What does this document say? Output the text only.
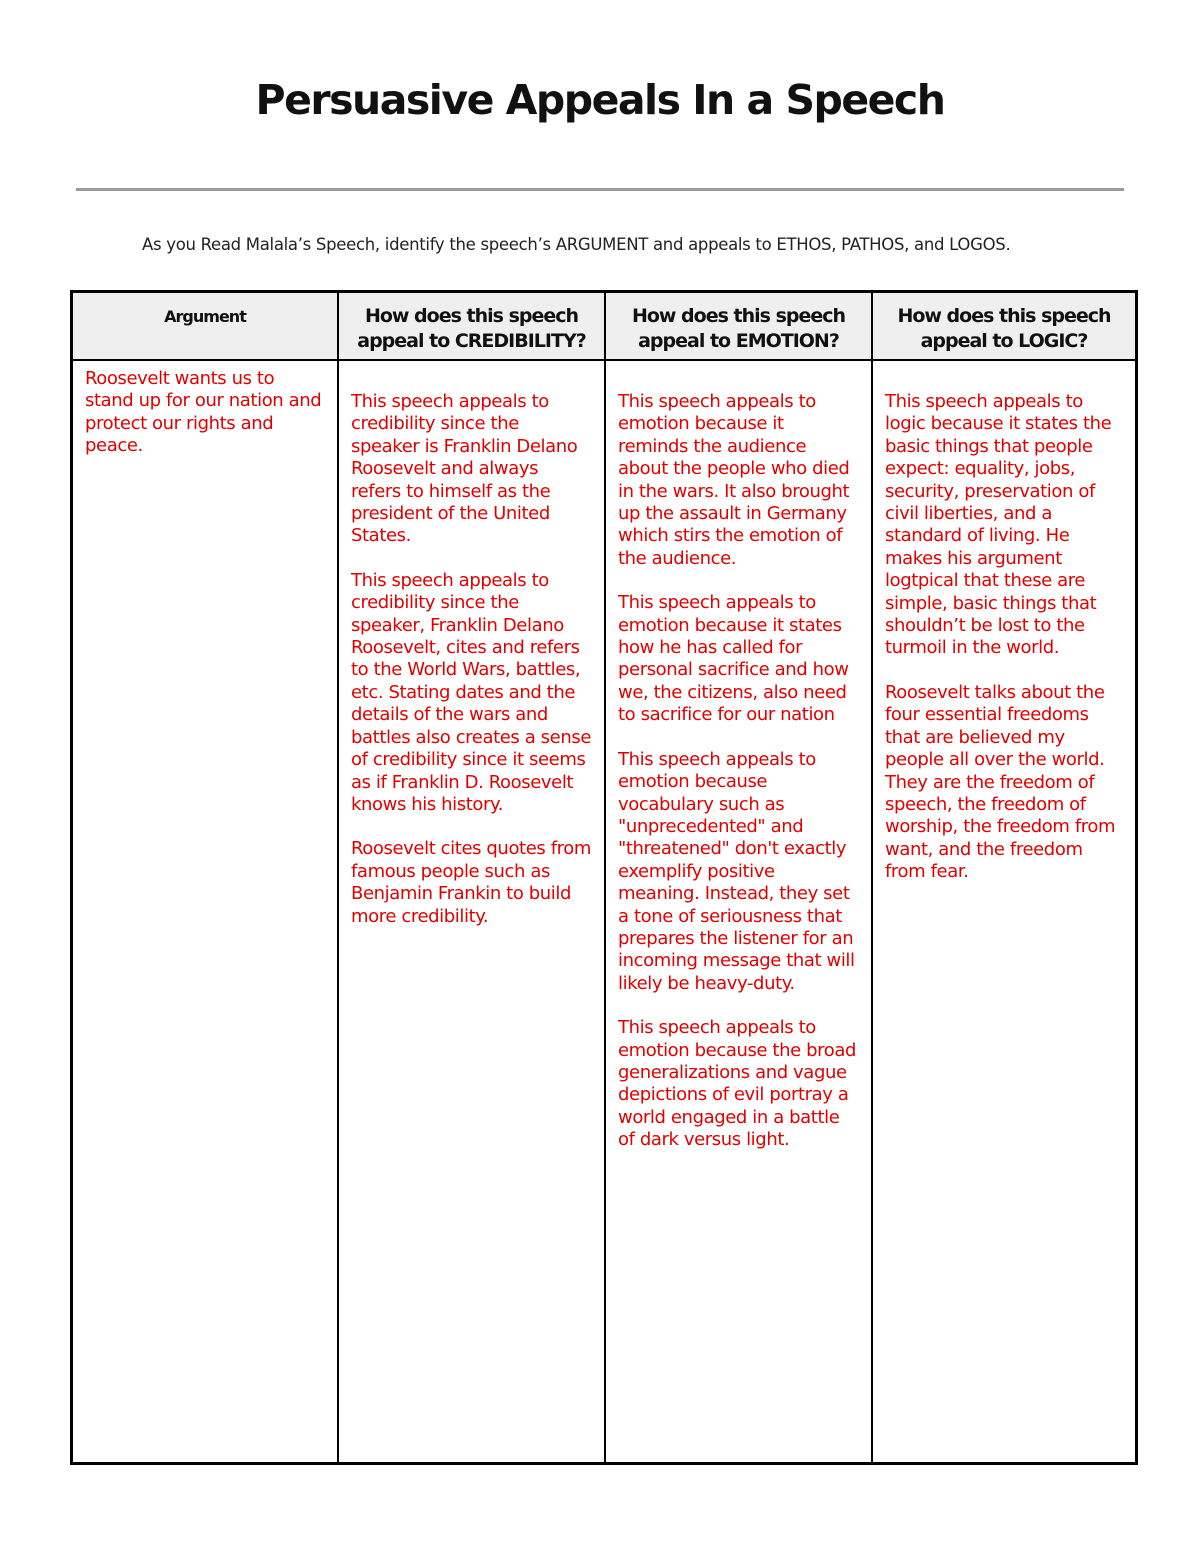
Persuasive Appeals In a Speech
As you Read Malala’s Speech, identify the speech’s ARGUMENT and appeals to ETHOS, PATHOS, and LOGOS.
Argument	How does this speech appeal to CREDIBILITY?
How does this speech appeal to EMOTION?
How does this speech appeal to LOGIC?

Roosevelt wants us to stand up for our nation and protect our rights and peace.

This speech appeals to credibility since the speaker is Franklin Delano Roosevelt and always refers to himself as the president of the United States.

This speech appeals to credibility since the speaker, Franklin Delano Roosevelt, cites and refers to the World Wars, battles, etc. Stating dates and the details of the wars and battles also creates a sense of credibility since it seems as if Franklin D. Roosevelt knows his history.

Roosevelt cites quotes from famous people such as Benjamin Frankin to build more credibility.

This speech appeals to emotion because it reminds the audience about the people who died in the wars. It also brought up the assault in Germany which stirs the emotion of the audience.

This speech appeals to emotion because it states how he has called for personal sacrifice and how we, the citizens, also need to sacrifice for our nation

This speech appeals to emotion because vocabulary such as "unprecedented" and "threatened" don't exactly exemplify positive meaning. Instead, they set a tone of seriousness that prepares the listener for an incoming message that will likely be heavy-duty.

This speech appeals to emotion because the broad generalizations and vague depictions of evil portray a world engaged in a battle of dark versus light.

This speech appeals to logic because it states the basic things that people expect: equality, jobs, security, preservation of civil liberties, and a standard of living. He makes his argument logtpical that these are simple, basic things that shouldn’t be lost to the turmoil in the world.

Roosevelt talks about the four essential freedoms that are believed my people all over the world. They are the freedom of speech, the freedom of worship, the freedom from want, and the freedom from fear.
